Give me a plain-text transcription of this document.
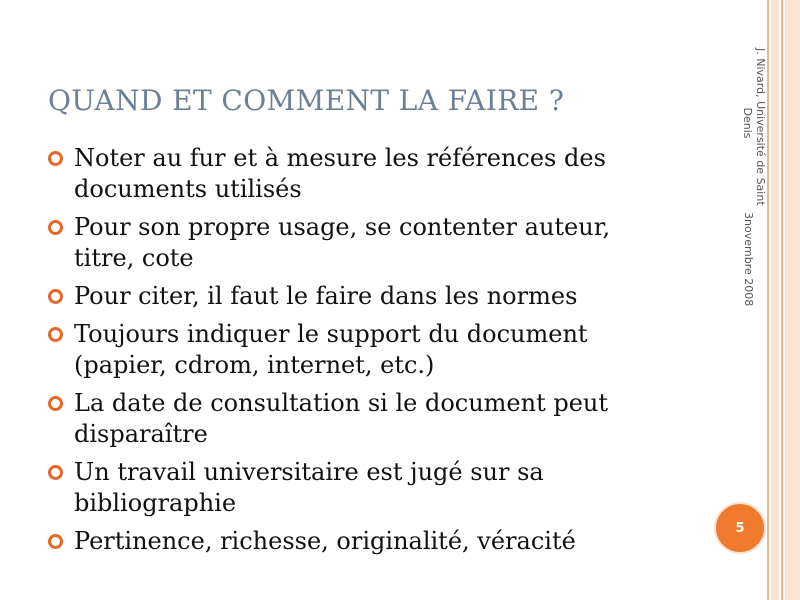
QUAND ET COMMENT LA FAIRE ?
Noter au fur et à mesure les références des
documents utilisés
Pour son propre usage, se contenter auteur,
titre, cote
Pour citer, il faut le faire dans les normes
Toujours indiquer le support du document
(papier, cdrom, internet, etc.)
La date de consultation si le document peut
disparaître
Un travail universitaire est jugé sur sa
bibliographie
Pertinence, richesse, originalité, véracité
J. Nivard, Université de Saint
Denis
3novembre 2008
5
